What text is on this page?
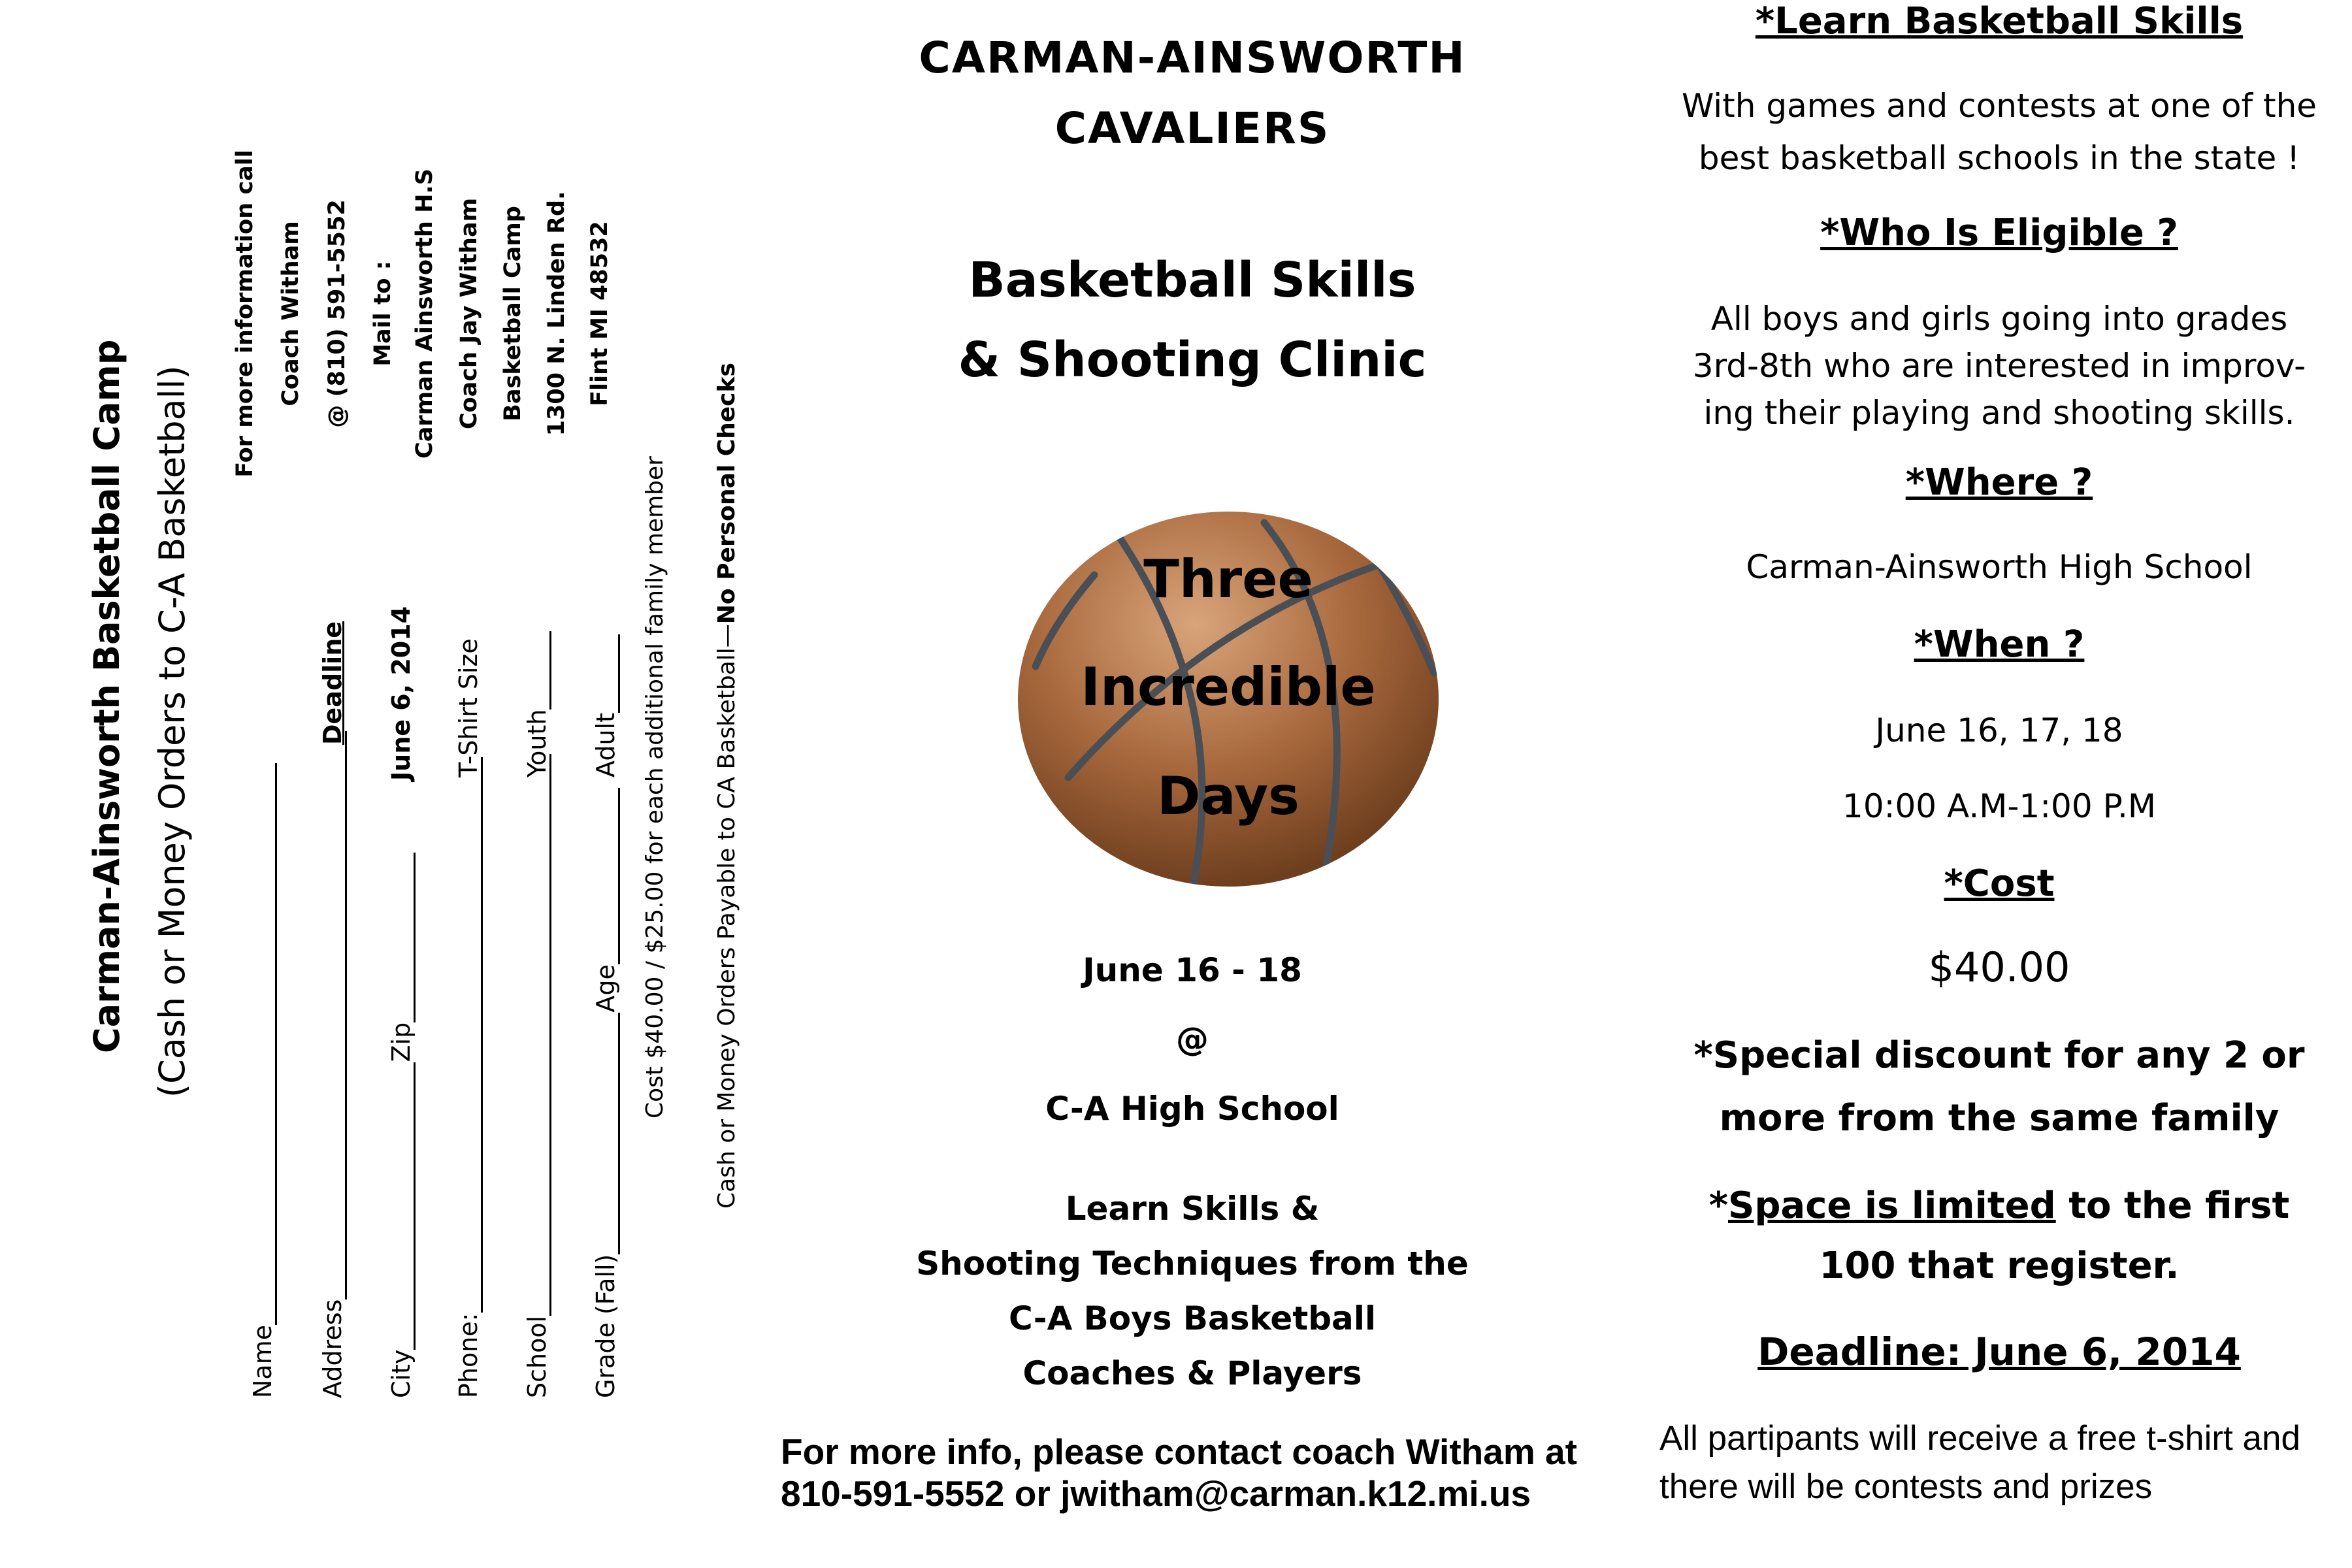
Carman-Ainsworth Basketball Camp (Cash or Money Orders to C-A Basketball)
For more information call Coach Witham @ (810) 591-5552 Mail to : Carman Ainsworth H.S Coach Jay Witham Basketball Camp 1300 N. Linden Rd. Flint MI 48532
Name Address
Deadline
CityZip
June 6, 2014
Phone:
T-Shirt Size
School
Youth
Grade (Fall)Age
Adult Cost $40.00 / $25.00 for each additional family member Cash or Money Orders Payable to CA Basketball—No Personal Checks
CARMAN-AINSWORTH
CAVALIERS
Basketball Skills
& Shooting Clinic
Three
Incredible
Days
June 16 - 18
@
C-A High School
Learn Skills &
Shooting Techniques from the
C-A Boys Basketball
Coaches & Players
For more info, please contact coach Witham at
810-591-5552 or jwitham@carman.k12.mi.us
*Learn Basketball Skills
With games and contests at one of the
best basketball schools in the state !
*Who Is Eligible ?
All boys and girls going into grades
3rd-8th who are interested in improv-
ing their playing and shooting skills.
*Where ?
Carman-Ainsworth High School
*When ?
June 16, 17, 18
10:00 A.M-1:00 P.M
*Cost
$40.00
*Special discount for any 2 or
more from the same family
*Space is limited to the first
100 that register.
Deadline: June 6, 2014
All partipants will receive a free t-shirt and
there will be contests and prizes
